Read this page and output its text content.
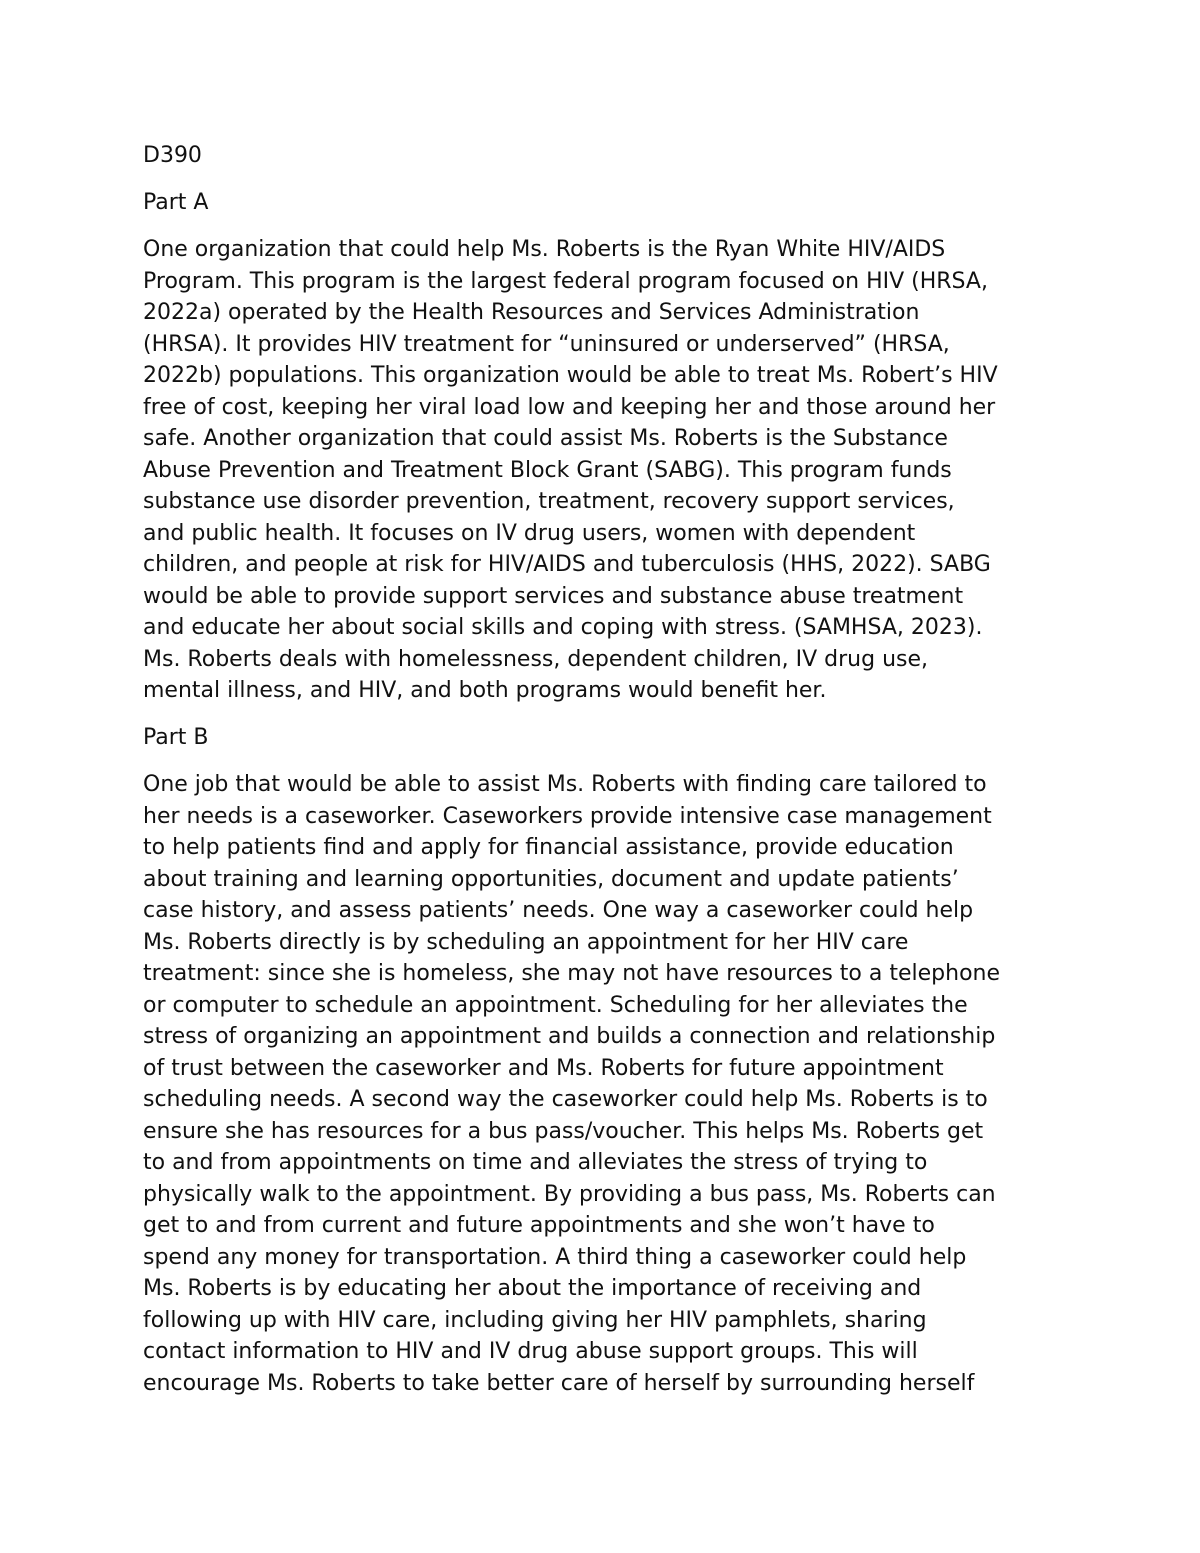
D390
Part A
One organization that could help Ms. Roberts is the Ryan White HIV/AIDS
Program. This program is the largest federal program focused on HIV (HRSA,
2022a) operated by the Health Resources and Services Administration
(HRSA). It provides HIV treatment for “uninsured or underserved” (HRSA,
2022b) populations. This organization would be able to treat Ms. Robert’s HIV
free of cost, keeping her viral load low and keeping her and those around her
safe. Another organization that could assist Ms. Roberts is the Substance
Abuse Prevention and Treatment Block Grant (SABG). This program funds
substance use disorder prevention, treatment, recovery support services,
and public health. It focuses on IV drug users, women with dependent
children, and people at risk for HIV/AIDS and tuberculosis (HHS, 2022). SABG
would be able to provide support services and substance abuse treatment
and educate her about social skills and coping with stress. (SAMHSA, 2023).
Ms. Roberts deals with homelessness, dependent children, IV drug use,
mental illness, and HIV, and both programs would benefit her.
Part B
One job that would be able to assist Ms. Roberts with finding care tailored to
her needs is a caseworker. Caseworkers provide intensive case management
to help patients find and apply for financial assistance, provide education
about training and learning opportunities, document and update patients’
case history, and assess patients’ needs. One way a caseworker could help
Ms. Roberts directly is by scheduling an appointment for her HIV care
treatment: since she is homeless, she may not have resources to a telephone
or computer to schedule an appointment. Scheduling for her alleviates the
stress of organizing an appointment and builds a connection and relationship
of trust between the caseworker and Ms. Roberts for future appointment
scheduling needs. A second way the caseworker could help Ms. Roberts is to
ensure she has resources for a bus pass/voucher. This helps Ms. Roberts get
to and from appointments on time and alleviates the stress of trying to
physically walk to the appointment. By providing a bus pass, Ms. Roberts can
get to and from current and future appointments and she won’t have to
spend any money for transportation. A third thing a caseworker could help
Ms. Roberts is by educating her about the importance of receiving and
following up with HIV care, including giving her HIV pamphlets, sharing
contact information to HIV and IV drug abuse support groups. This will
encourage Ms. Roberts to take better care of herself by surrounding herself
